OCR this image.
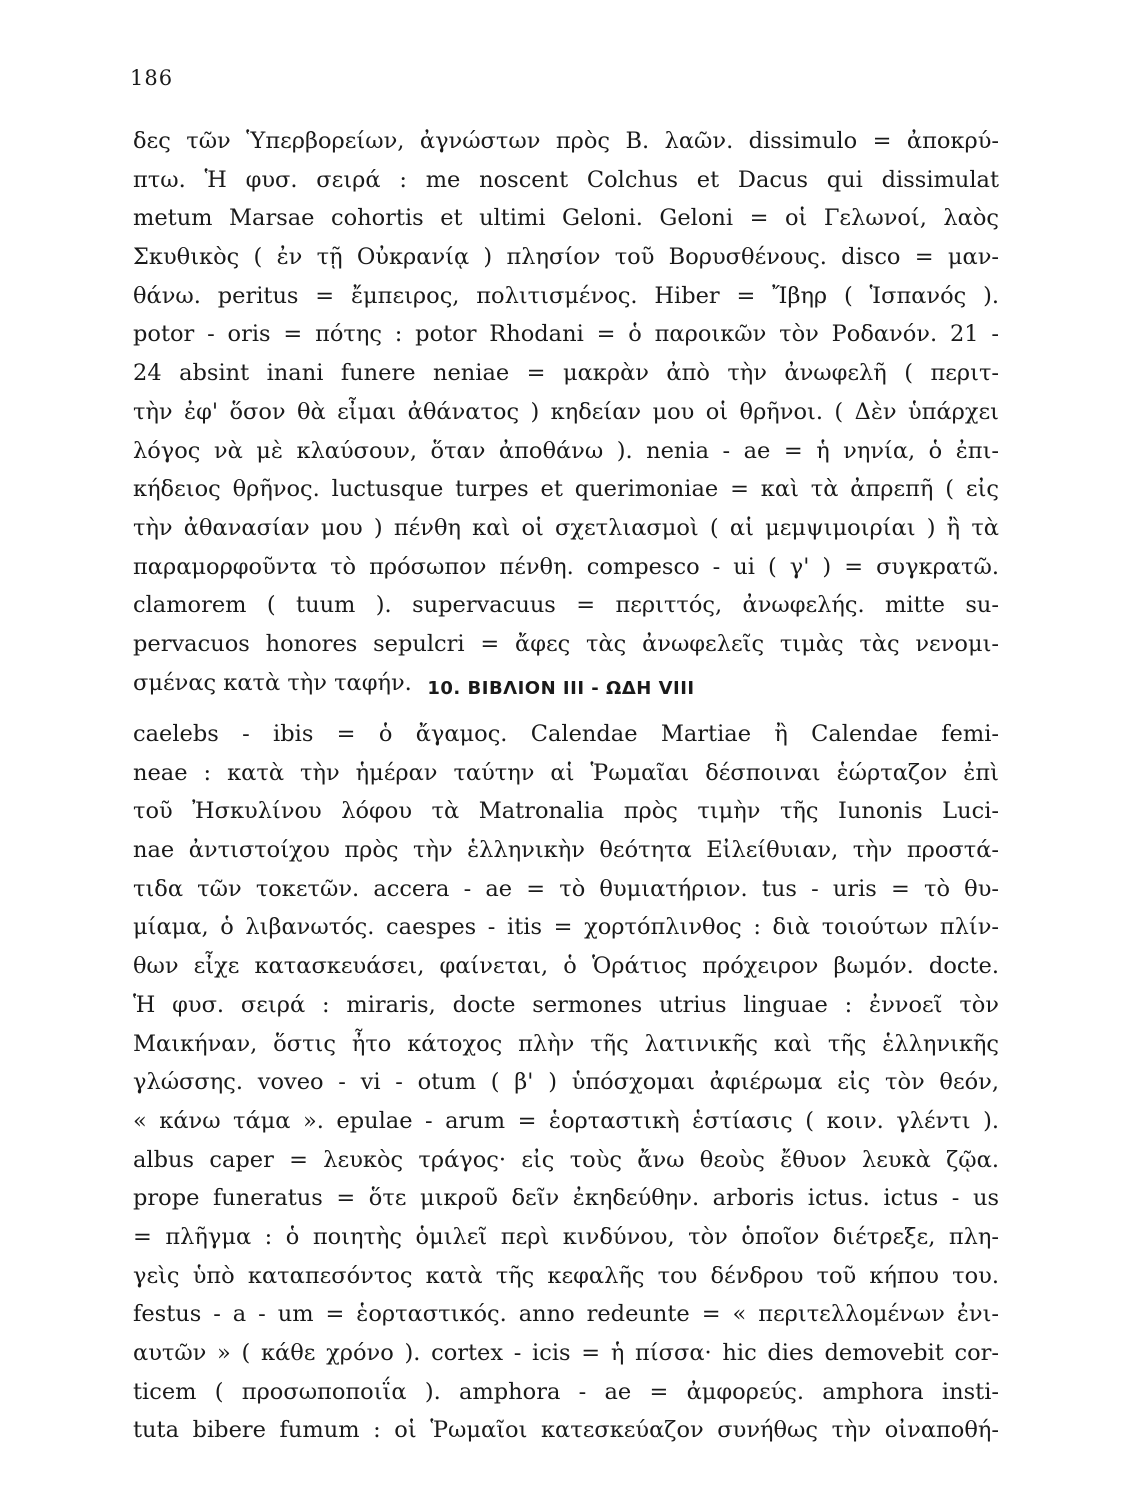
186
δες τῶν Ὑπερβορείων, ἀγνώστων πρὸς Β. λαῶν. dissimulo = ἀποκρύ-
πτω. Ἡ φυσ. σειρά : me noscent Colchus et Dacus qui dissimulat
metum Marsae cohortis et ultimi Geloni. Geloni = οἱ Γελωνοί, λαὸς
Σκυθικὸς ( ἐν τῇ Οὐκρανίᾳ ) πλησίον τοῦ Βορυσθένους. disco = μαν-
θάνω. peritus = ἔμπειρος, πολιτισμένος. Hiber = Ἴβηρ ( Ἱσπανός ).
potor - oris = πότης : potor Rhodani = ὁ παροικῶν τὸν Ροδανόν. 21 -
24 absint inani funere neniae = μακρὰν ἀπὸ τὴν ἀνωφελῆ ( περιτ-
τὴν ἐφ' ὅσον θὰ εἶμαι ἀθάνατος ) κηδείαν μου οἱ θρῆνοι. ( Δὲν ὑπάρχει
λόγος νὰ μὲ κλαύσουν, ὅταν ἀποθάνω ). nenia - ae = ἡ νηνία, ὁ ἐπι-
κήδειος θρῆνος. luctusque turpes et querimoniae = καὶ τὰ ἀπρεπῆ ( εἰς
τὴν ἀθανασίαν μου ) πένθη καὶ οἱ σχετλιασμοὶ ( αἱ μεμψιμοιρίαι ) ἢ τὰ
παραμορφοῦντα τὸ πρόσωπον πένθη. compesco - ui ( γ' ) = συγκρατῶ.
clamorem ( tuum ). supervacuus = περιττός, ἀνωφελής. mitte su-
pervacuos honores sepulcri = ἄφες τὰς ἀνωφελεῖς τιμὰς τὰς νενομι-
σμένας κατὰ τὴν ταφήν. 10. ΒΙΒΛΙΟΝ III - ΩΔΗ VIII
caelebs - ibis = ὁ ἄγαμος. Calendae Martiae ἢ Calendae femi-
neae : κατὰ τὴν ἡμέραν ταύτην αἱ Ῥωμαῖαι δέσποιναι ἑώρταζον ἐπὶ
τοῦ Ἠσκυλίνου λόφου τὰ Matronalia πρὸς τιμὴν τῆς Iunonis Luci-
nae ἀντιστοίχου πρὸς τὴν ἑλληνικὴν θεότητα Εἰλείθυιαν, τὴν προστά-
τιδα τῶν τοκετῶν. accera - ae = τὸ θυμιατήριον. tus - uris = τὸ θυ-
μίαμα, ὁ λιβανωτός. caespes - itis = χορτόπλινθος : διὰ τοιούτων πλίν-
θων εἶχε κατασκευάσει, φαίνεται, ὁ Ὁράτιος πρόχειρον βωμόν. docte.
Ἡ φυσ. σειρά : miraris, docte sermones utrius linguae : ἐννοεῖ τὸν
Μαικήναν, ὅστις ἦτο κάτοχος πλὴν τῆς λατινικῆς καὶ τῆς ἑλληνικῆς
γλώσσης. voveo - vi - otum ( β' ) ὑπόσχομαι ἀφιέρωμα εἰς τὸν θεόν,
« κάνω τάμα ». epulae - arum = ἑορταστικὴ ἑστίασις ( κοιν. γλέντι ).
albus caper = λευκὸς τράγος· εἰς τοὺς ἄνω θεοὺς ἔθυον λευκὰ ζῷα.
prope funeratus = ὅτε μικροῦ δεῖν ἐκηδεύθην. arboris ictus. ictus - us
= πλῆγμα : ὁ ποιητὴς ὁμιλεῖ περὶ κινδύνου, τὸν ὁποῖον διέτρεξε, πλη-
γεὶς ὑπὸ καταπεσόντος κατὰ τῆς κεφαλῆς του δένδρου τοῦ κήπου του.
festus - a - um = ἑορταστικός. anno redeunte = « περιτελλομένων ἐνι-
αυτῶν » ( κάθε χρόνο ). cortex - icis = ἡ πίσσα· hic dies demovebit cor-
ticem ( προσωποποιΐα ). amphora - ae = ἀμφορεύς. amphora insti-
tuta bibere fumum : οἱ Ῥωμαῖοι κατεσκεύαζον συνήθως τὴν οἰναποθή-
